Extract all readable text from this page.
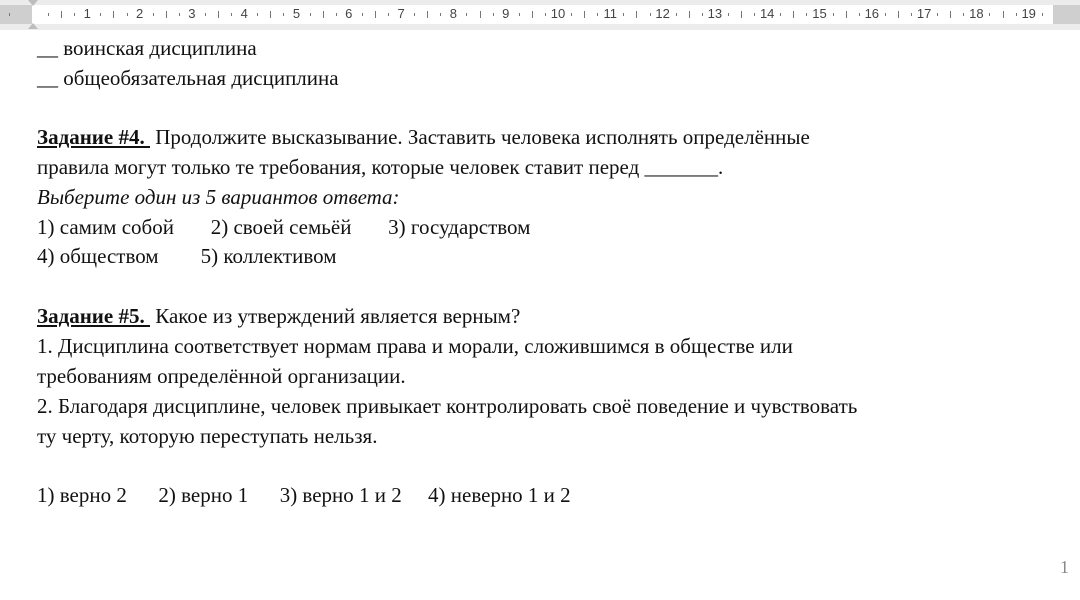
1	2	3	4	5	6	7	8	9	10	11	12	13	14	15	16	17	18	19
__ воинская дисциплина
__ общеобязательная дисциплина
Задание #4.  Продолжите высказывание. Заставить человека исполнять определённые
правила могут только те требования, которые человек ставит перед _______.
Выберите один из 5 вариантов ответа:
1) самим собой       2) своей семьёй       3) государством
4) обществом        5) коллективом
Задание #5.  Какое из утверждений является верным?
1. Дисциплина соответствует нормам права и морали, сложившимся в обществе или
требованиям определённой организации.
2. Благодаря дисциплине, человек привыкает контролировать своё поведение и чувствовать
ту черту, которую переступать нельзя.
1) верно 2      2) верно 1      3) верно 1 и 2     4) неверно 1 и 2
1
